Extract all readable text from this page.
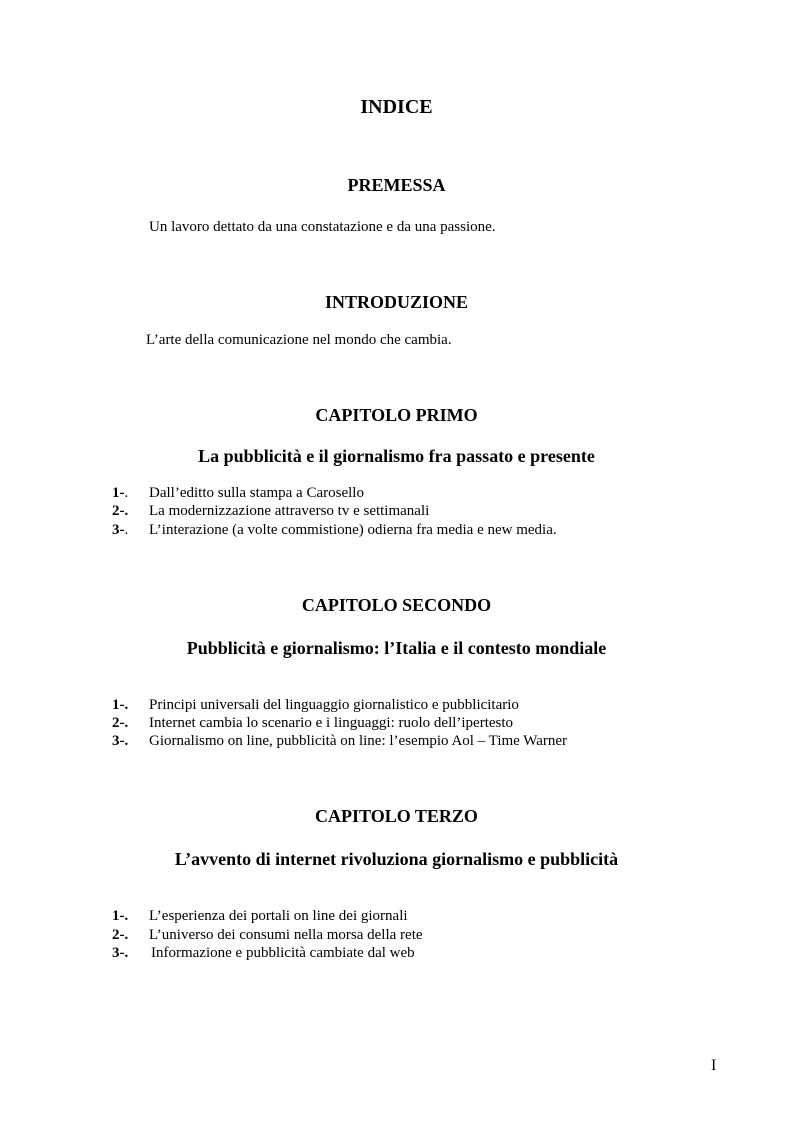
INDICE
PREMESSA
Un lavoro dettato da una constatazione e da una passione.
INTRODUZIONE
L’arte della comunicazione nel mondo che cambia.
CAPITOLO PRIMO
La pubblicità e il giornalismo fra passato e presente
1-. Dall’editto sulla stampa a Carosello
2-. La modernizzazione attraverso tv e settimanali
3-. L’interazione (a volte commistione) odierna fra media e new media.
CAPITOLO SECONDO
Pubblicità e giornalismo: l’Italia e il contesto mondiale
1-. Principi universali del linguaggio giornalistico e pubblicitario
2-. Internet cambia lo scenario e i linguaggi: ruolo dell’ipertesto
3-. Giornalismo on line, pubblicità on line: l’esempio Aol – Time Warner
CAPITOLO TERZO
L’avvento di internet rivoluziona giornalismo e pubblicità
1-. L’esperienza dei portali on line dei giornali
2-. L’universo dei consumi nella morsa della rete
3-. Informazione e pubblicità cambiate dal web
I
